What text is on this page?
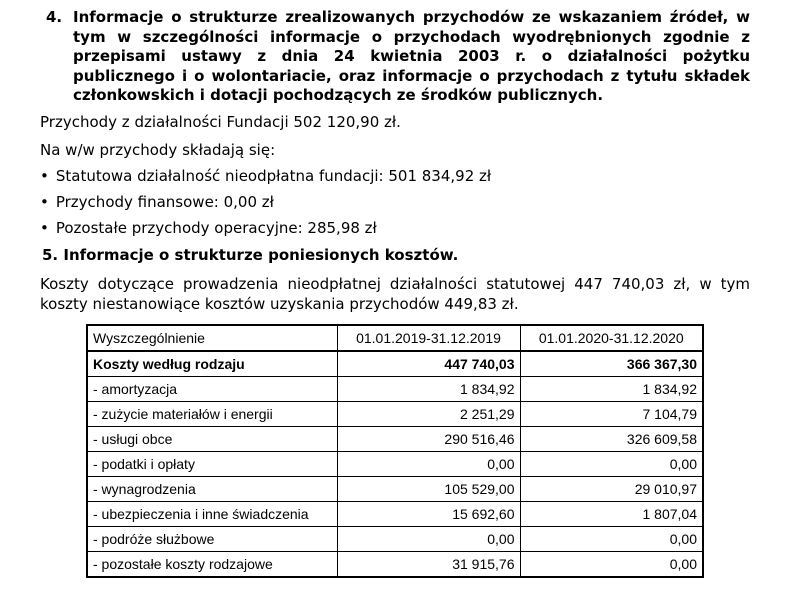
4. Informacje o strukturze zrealizowanych przychodów ze wskazaniem źródeł, w tym w szczególności informacje o przychodach wyodrębnionych zgodnie z przepisami ustawy z dnia 24 kwietnia 2003 r. o działalności pożytku publicznego i o wolontariacie, oraz informacje o przychodach z tytułu składek członkowskich i dotacji pochodzących ze środków publicznych.
Przychody z działalności Fundacji 502 120,90 zł.
Na w/w przychody składają się:
• Statutowa działalność nieodpłatna fundacji: 501 834,92 zł
• Przychody finansowe: 0,00 zł
• Pozostałe przychody operacyjne: 285,98 zł
5. Informacje o strukturze poniesionych kosztów.
Koszty dotyczące prowadzenia nieodpłatnej działalności statutowej 447 740,03 zł, w tym koszty niestanowiące kosztów uzyskania przychodów 449,83 zł.
Wyszczególnienie	01.01.2019-31.12.2019	01.01.2020-31.12.2020
Koszty według rodzaju	447 740,03	366 367,30
- amortyzacja	1 834,92	1 834,92
- zużycie materiałów i energii	2 251,29	7 104,79
- usługi obce	290 516,46	326 609,58
- podatki i opłaty	0,00	0,00
- wynagrodzenia	105 529,00	29 010,97
- ubezpieczenia i inne świadczenia	15 692,60	1 807,04
- podróże służbowe	0,00	0,00
- pozostałe koszty rodzajowe	31 915,76	0,00
